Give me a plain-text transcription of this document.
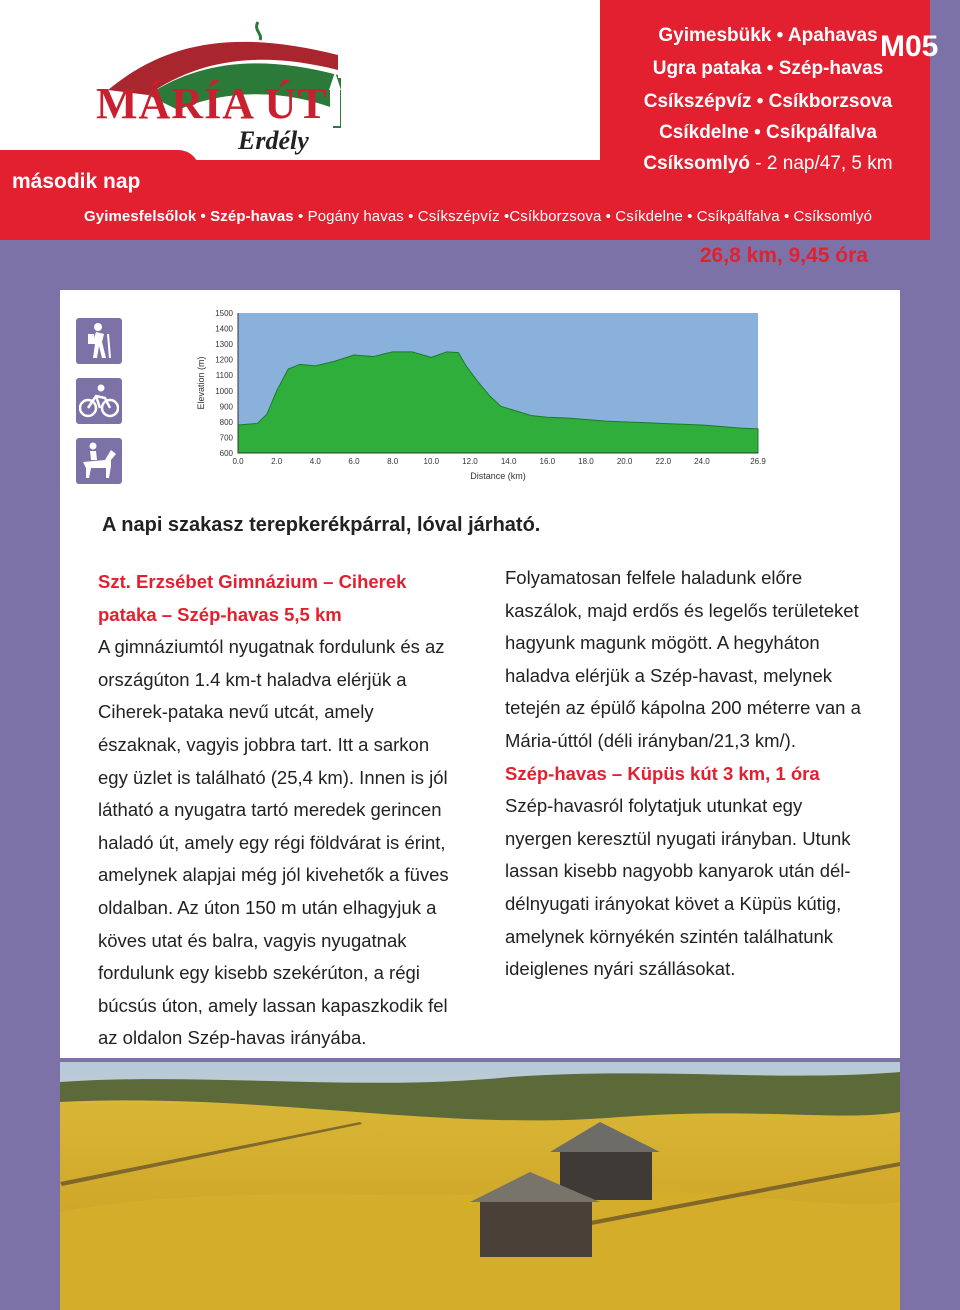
MÁRÍA ÚT
Erdély
Gyimesbükk • Apahavas
Ugra pataka • Szép-havas
Csíkszépvíz • Csíkborzsova
Csíkdelne • Csíkpálfalva
Csíksomlyó - 2 nap/47, 5 km
M05
második nap
Gyimesfelsőlok • Szép-havas • Pogány havas • Csíkszépvíz •Csíkborzsova • Csíkdelne • Csíkpálfalva • Csíksomlyó
26,8 km, 9,45 óra
600
700
800
900
1000
1100
1200
1300
1400
1500
0.0	2.0	4.0	6.0	8.0	10.0	12.0	14.0	16.0	18.0	20.0	22.0	24.0	26.9
Distance (km)
Elevation (m)
A napi szakasz terepkerékpárral, lóval járható.
Szt. Erzsébet Gimnázium – Ciherek pataka – Szép-havas 5,5 km
A gimnáziumtól nyugatnak fordulunk és az országúton 1.4 km-t haladva elérjük a Ciherek-pataka nevű utcát, amely északnak, vagyis jobbra tart. Itt a sarkon egy üzlet is található (25,4 km). Innen is jól látható a nyugatra tartó meredek gerincen haladó út, amely egy régi földvárat is érint, amelynek alapjai még jól kivehetők a füves oldalban. Az úton 150 m után elhagyjuk a köves utat és balra, vagyis nyugatnak fordulunk egy kisebb szekérúton, a régi búcsús úton, amely lassan kapaszkodik fel az oldalon Szép-havas irányába.
Folyamatosan felfele haladunk előre kaszálok, majd erdős és legelős területeket hagyunk magunk mögött. A hegyháton haladva elérjük a Szép-havast, melynek tetején az épülő kápolna 200 méterre van a Mária-úttól (déli irányban/21,3 km/).
Szép-havas – Küpüs kút 3 km, 1 óra
Szép-havasról folytatjuk utunkat egy nyergen keresztül nyugati irányban. Utunk lassan kisebb nagyobb kanyarok után dél-délnyugati irányokat követ a Küpüs kútig, amelynek környékén szintén találhatunk ideiglenes nyári szállásokat.
